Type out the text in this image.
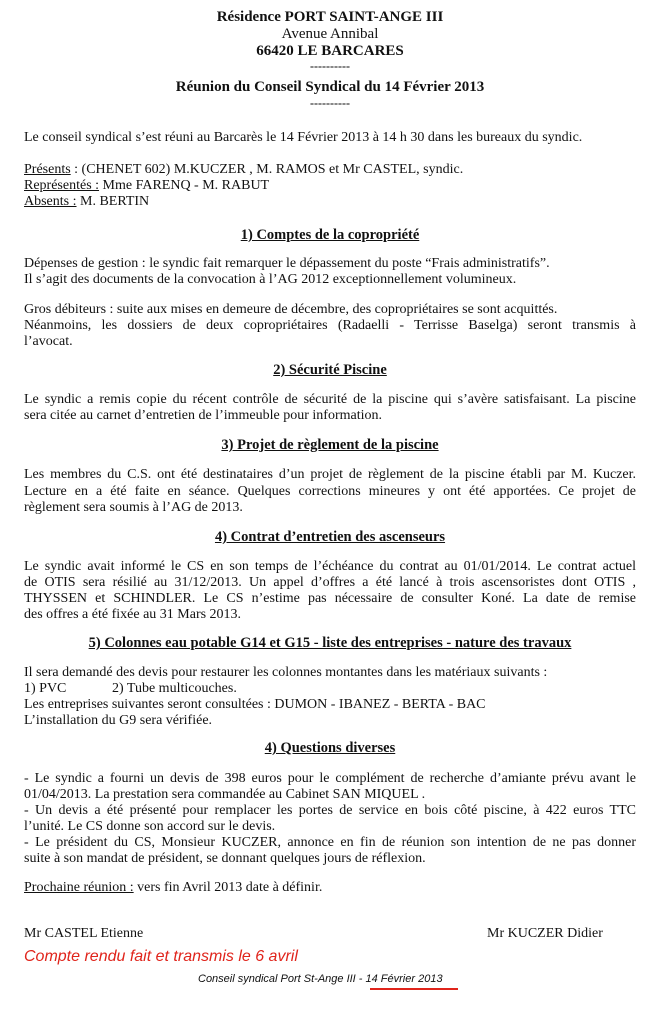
Résidence PORT SAINT-ANGE III
Avenue Annibal
66420 LE BARCARES
----------
Réunion du Conseil Syndical du 14 Février 2013
----------
Le conseil syndical s’est réuni au Barcarès le 14 Février 2013 à 14 h 30 dans les bureaux du syndic.
Présents : (CHENET 602) M.KUCZER , M. RAMOS et Mr CASTEL, syndic.
Représentés : Mme FARENQ - M. RABUT
Absents : M. BERTIN
1) Comptes de la copropriété
Dépenses de gestion : le syndic fait remarquer le dépassement du poste “Frais administratifs”.
Il s’agit des documents de la convocation à l’AG 2012 exceptionnellement volumineux.
Gros débiteurs : suite aux mises en demeure de décembre, des copropriétaires se sont acquittés.
Néanmoins, les dossiers de deux copropriétaires (Radaelli - Terrisse Baselga) seront transmis à
l’avocat.
2) Sécurité Piscine
Le syndic a remis copie du récent contrôle de sécurité de la piscine qui s’avère satisfaisant. La piscine
sera citée au carnet d’entretien de l’immeuble pour information.
3) Projet de règlement de la piscine
Les membres du C.S. ont été destinataires d’un projet de règlement de la piscine établi par M. Kuczer.
Lecture en a été faite en séance. Quelques corrections mineures y ont été apportées. Ce projet de
règlement sera soumis à l’AG de 2013.
4) Contrat d’entretien des ascenseurs
Le syndic avait informé le CS en son temps de l’échéance du contrat au 01/01/2014. Le contrat actuel
de OTIS sera résilié au 31/12/2013. Un appel d’offres a été lancé à trois ascensoristes dont OTIS ,
THYSSEN et SCHINDLER. Le CS n’estime pas nécessaire de consulter Koné. La date de remise
des offres a été fixée au 31 Mars 2013.
5) Colonnes eau potable G14 et G15 - liste des entreprises - nature des travaux
Il sera demandé des devis pour restaurer les colonnes montantes dans les matériaux suivants :
1) PVC	2) Tube multicouches.
Les entreprises suivantes seront consultées : DUMON - IBANEZ - BERTA - BAC
L’installation du G9 sera vérifiée.
4) Questions diverses
- Le syndic a fourni un devis de 398 euros pour le complément de recherche d’amiante prévu avant le
01/04/2013. La prestation sera commandée au Cabinet SAN MIQUEL .
- Un devis a été présenté pour remplacer les portes de service en bois côté piscine, à 422 euros TTC
l’unité. Le CS donne son accord sur le devis.
- Le président du CS, Monsieur KUCZER, annonce en fin de réunion son intention de ne pas donner
suite à son mandat de président, se donnant quelques jours de réflexion.
Prochaine réunion : vers fin Avril 2013 date à définir.
Mr CASTEL Etienne	Mr KUCZER Didier
Compte rendu fait et transmis le 6 avril
Conseil syndical Port St-Ange III - 14 Février 2013
